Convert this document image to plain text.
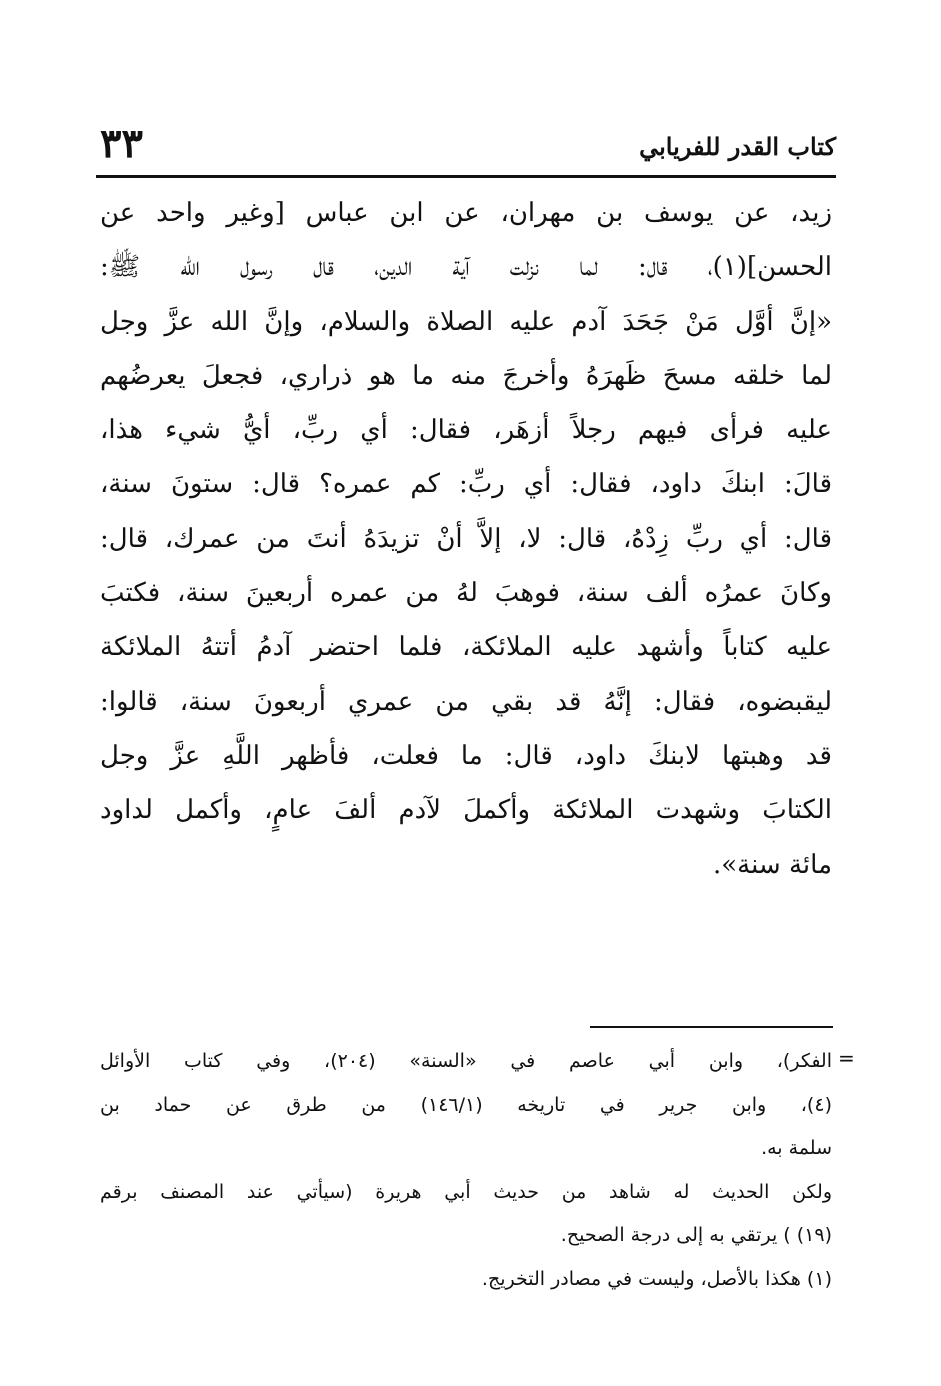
كتاب القدر للفريابي
٣٣
زيد، عن يوسف بن مهران، عن ابن عباس [وغير واحد عن
الحسن](١)، قال: لما نزلت آية الدين، قال رسول الله ﷺ:
«إنَّ أوَّل مَنْ جَحَدَ آدم عليه الصلاة والسلام، وإنَّ الله عزَّ وجل
لما خلقه مسحَ ظَهرَهُ وأخرجَ منه ما هو ذراري، فجعلَ يعرضُهم
عليه فرأى فيهم رجلاً أزهَر، فقال: أي ربِّ، أيُّ شيء هذا،
قالَ: ابنكَ داود، فقال: أي ربِّ: كم عمره؟ قال: ستونَ سنة،
قال: أي ربِّ زِدْهُ، قال: لا، إلاَّ أنْ تزيدَهُ أنتَ من عمرك، قال:
وكانَ عمرُه ألف سنة، فوهبَ لهُ من عمره أربعينَ سنة، فكتبَ
عليه كتاباً وأشهد عليه الملائكة، فلما احتضر آدمُ أتتهُ الملائكة
ليقبضوه، فقال: إنَّهُ قد بقي من عمري أربعونَ سنة، قالوا:
قد وهبتها لابنكَ داود، قال: ما فعلت، فأظهر اللَّهِ عزَّ وجل
الكتابَ وشهدت الملائكة وأكملَ لآدم ألفَ عامٍ، وأكمل لداود
مائة سنة».
=
الفكر)، وابن أبي عاصم في «السنة» (٢٠٤)، وفي كتاب الأوائل
(٤)، وابن جرير في تاريخه (١٤٦/١) من طرق عن حماد بن
سلمة به.
ولكن الحديث له شاهد من حديث أبي هريرة (سيأتي عند المصنف برقم
(١٩) ) يرتقي به إلى درجة الصحيح.
(١) هكذا بالأصل، وليست في مصادر التخريج.
